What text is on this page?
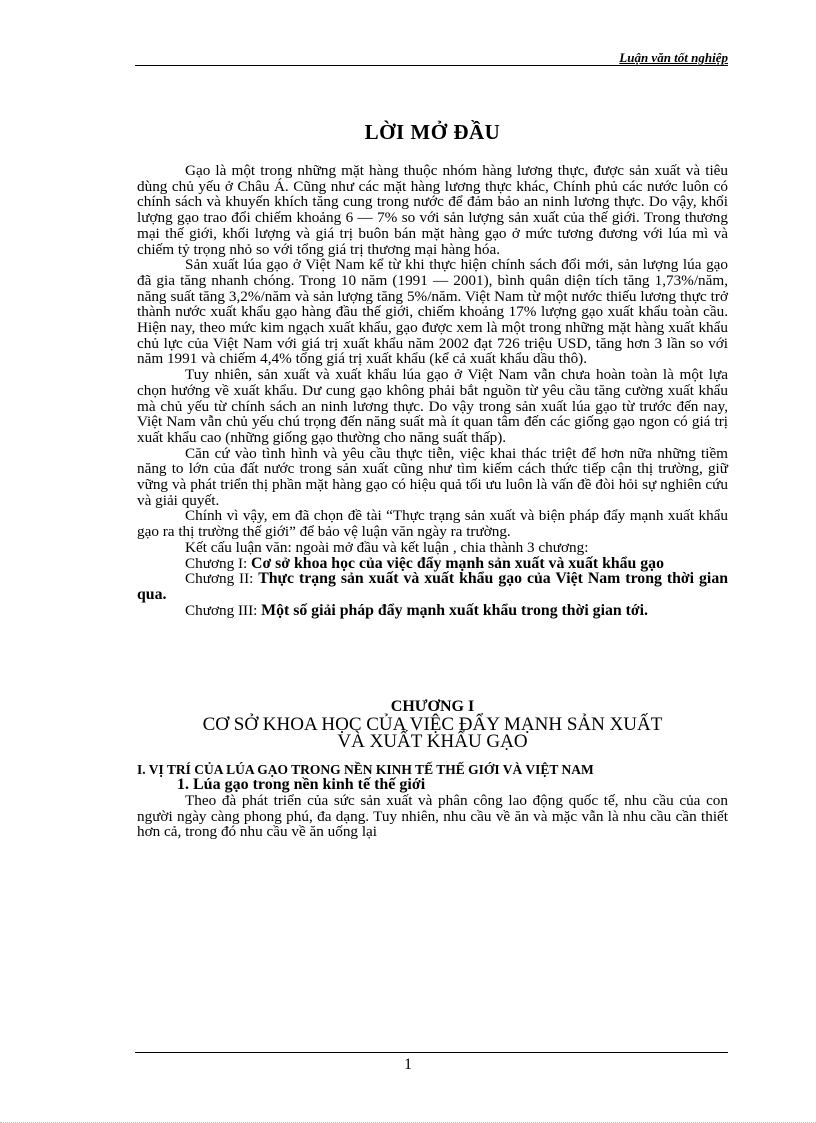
Luận văn tốt nghiệp
LỜI MỞ ĐẦU

Gạo là một trong những mặt hàng thuộc nhóm hàng lương thực, được sản xuất và tiêu dùng chủ yếu ở Châu Á. Cũng như các mặt hàng lương thực khác, Chính phủ các nước luôn có chính sách và khuyến khích tăng cung trong nước để đảm bảo an ninh lương thực. Do vậy, khối lượng gạo trao đổi chiếm khoảng 6 — 7% so với sản lượng sản xuất của thế giới. Trong thương mại thế giới, khối lượng và giá trị buôn bán mặt hàng gạo ở mức tương đương với lúa mì và chiếm tỷ trọng nhỏ so với tổng giá trị thương mại hàng hóa.

Sản xuất lúa gạo ở Việt Nam kể từ khi thực hiện chính sách đổi mới, sản lượng lúa gạo đã gia tăng nhanh chóng. Trong 10 năm (1991 — 2001), bình quân diện tích tăng 1,73%/năm, năng suất tăng 3,2%/năm và sản lượng tăng 5%/năm. Việt Nam từ một nước thiếu lương thực trở thành nước xuất khẩu gạo hàng đầu thế giới, chiếm khoảng 17% lượng gạo xuất khẩu toàn cầu. Hiện nay, theo mức kim ngạch xuất khẩu, gạo được xem là một trong những mặt hàng xuất khẩu chủ lực của Việt Nam với giá trị xuất khẩu năm 2002 đạt 726 triệu USD, tăng hơn 3 lần so với năm 1991 và chiếm 4,4% tổng giá trị xuất khẩu (kể cả xuất khẩu dầu thô).

Tuy nhiên, sản xuất và xuất khẩu lúa gạo ở Việt Nam vẫn chưa hoàn toàn là một lựa chọn hướng về xuất khẩu. Dư cung gạo không phải bắt nguồn từ yêu cầu tăng cường xuất khẩu mà chủ yếu từ chính sách an ninh lương thực. Do vậy trong sản xuất lúa gạo từ trước đến nay, Việt Nam vẫn chủ yếu chú trọng đến năng suất mà ít quan tâm đến các giống gạo ngon có giá trị xuất khẩu cao (những giống gạo thường cho năng suất thấp).

Căn cứ vào tình hình và yêu cầu thực tiễn, việc khai thác triệt để hơn nữa những tiềm năng to lớn của đất nước trong sản xuất cũng như tìm kiếm cách thức tiếp cận thị trường, giữ vững và phát triển thị phần mặt hàng gạo có hiệu quả tối ưu luôn là vấn đề đòi hỏi sự nghiên cứu và giải quyết.

Chính vì vậy, em đã chọn đề tài “Thực trạng sản xuất và biện pháp đẩy mạnh xuất khẩu gạo ra thị trường thế giới” để bảo vệ luận văn ngày ra trường.

Kết cấu luận văn: ngoài mở đầu và kết luận , chia thành 3 chương:

Chương I: Cơ sở khoa học của việc đẩy mạnh sản xuất và xuất khẩu gạo

Chương II: Thực trạng sản xuất và xuất khẩu gạo của Việt Nam trong thời gian qua.

Chương III: Một số giải pháp đẩy mạnh xuất khẩu trong thời gian tới.

CHƯƠNG I
CƠ SỞ KHOA HỌC CỦA VIỆC ĐẨY MẠNH SẢN XUẤT
VÀ XUẤT KHẨU GẠO
I. VỊ TRÍ CỦA LÚA GẠO TRONG NỀN KINH TẾ THẾ GIỚI VÀ VIỆT NAM
1. Lúa gạo trong nền kinh tế thế giới

Theo đà phát triển của sức sản xuất và phân công lao động quốc tế, nhu cầu của con người ngày càng phong phú, đa dạng. Tuy nhiên, nhu cầu về ăn và mặc vẫn là nhu cầu cần thiết hơn cả, trong đó nhu cầu về ăn uống lại

1
